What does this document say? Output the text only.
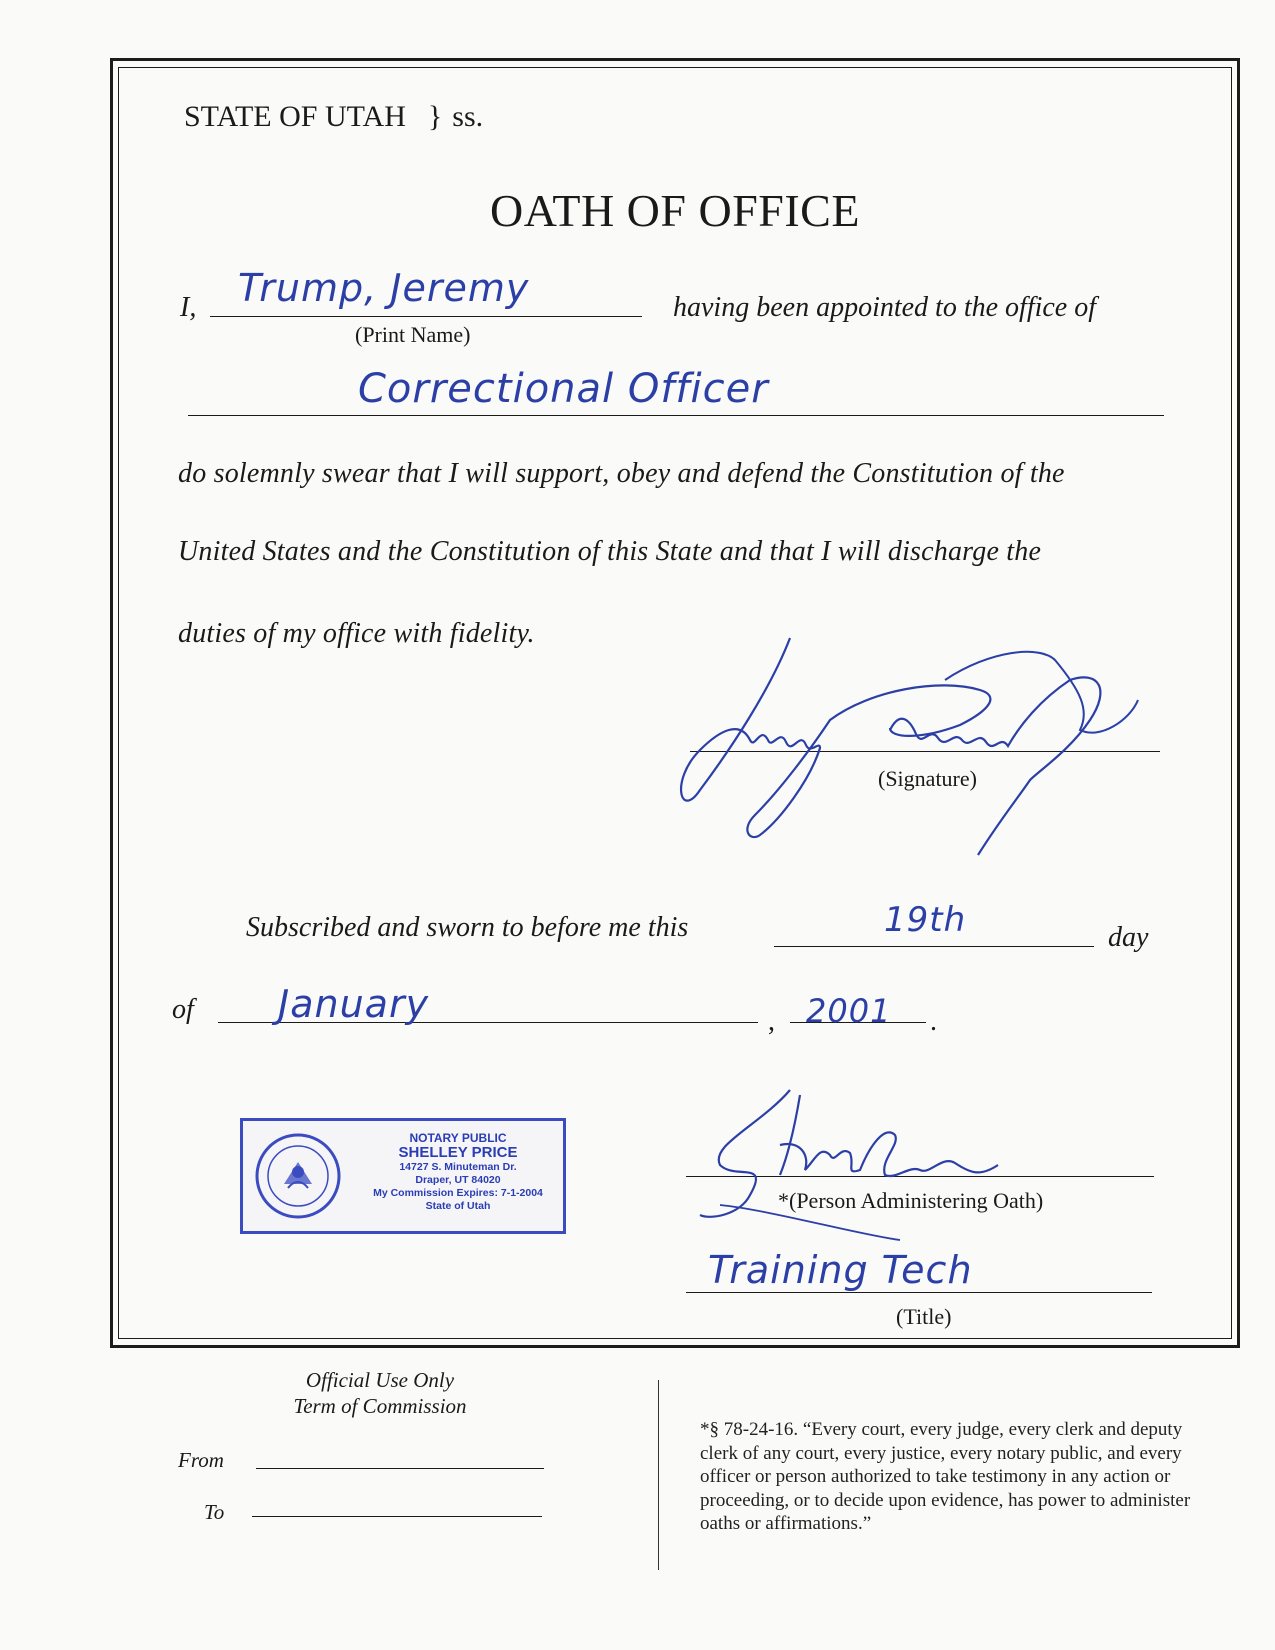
STATE OF UTAH } ss.
OATH OF OFFICE
I, Trump, Jeremy
(Print Name)
having been appointed to the office of
Correctional Officer
do solemnly swear that I will support, obey and defend the Constitution of the
United States and the Constitution of this State and that I will discharge the
duties of my office with fidelity.
(Signature)
Subscribed and sworn to before me this	19th	day
of January	, 2001 .
NOTARY PUBLIC
SHELLEY PRICE
14727 S. Minuteman Dr.
Draper, UT 84020
My Commission Expires: 7-1-2004
State of Utah	*(Person Administering Oath)
Training Tech
(Title)
Official Use Only
Term of Commission
From
To
*§ 78-24-16. “Every court, every judge, every clerk and deputy clerk of any court, every justice, every notary public, and every officer or person authorized to take testimony in any action or proceeding, or to decide upon evidence, has power to administer oaths or affirmations.”
